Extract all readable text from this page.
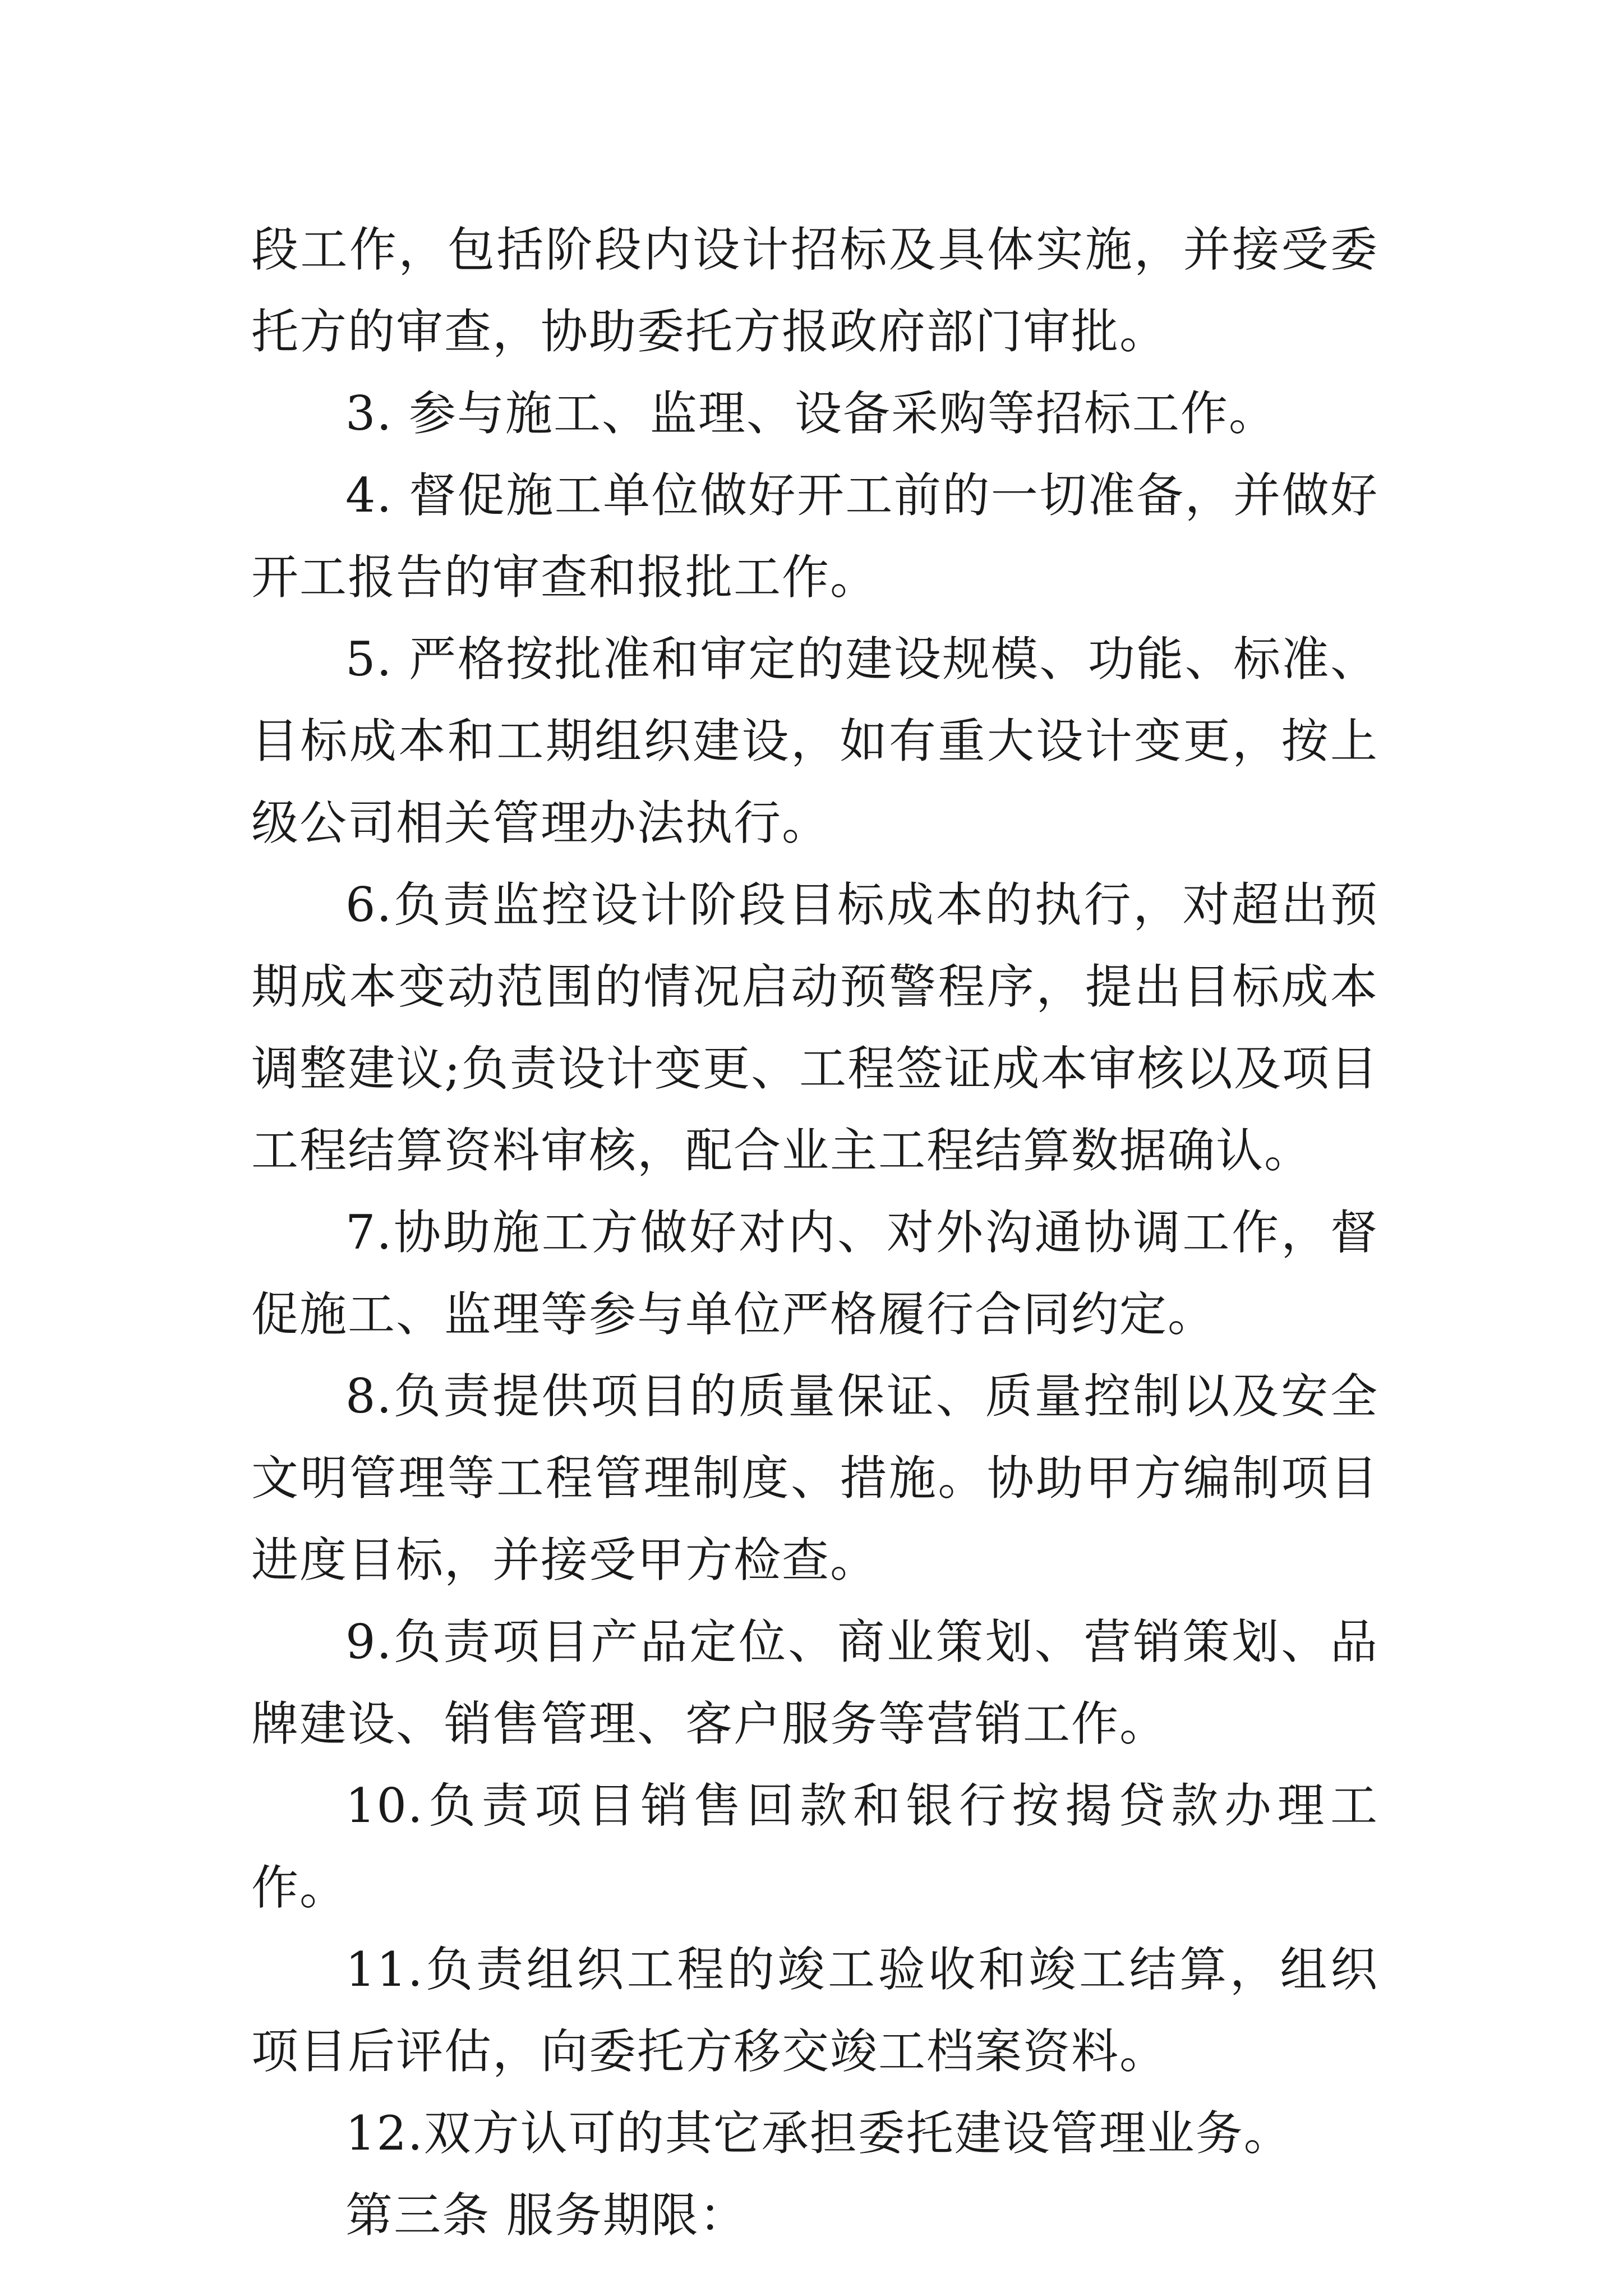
段工作，包括阶段内设计招标及具体实施，并接受委托方的审查，协助委托方报政府部门审批。

3. 参与施工、监理、设备采购等招标工作。

4. 督促施工单位做好开工前的一切准备，并做好开工报告的审查和报批工作。

5. 严格按批准和审定的建设规模、功能、标准、目标成本和工期组织建设，如有重大设计变更，按上级公司相关管理办法执行。

6.负责监控设计阶段目标成本的执行，对超出预期成本变动范围的情况启动预警程序，提出目标成本调整建议;负责设计变更、工程签证成本审核以及项目工程结算资料审核，配合业主工程结算数据确认。

7.协助施工方做好对内、对外沟通协调工作，督促施工、监理等参与单位严格履行合同约定。

8.负责提供项目的质量保证、质量控制以及安全文明管理等工程管理制度、措施。协助甲方编制项目进度目标，并接受甲方检查。

9.负责项目产品定位、商业策划、营销策划、品牌建设、销售管理、客户服务等营销工作。

10.负责项目销售回款和银行按揭贷款办理工作。

11.负责组织工程的竣工验收和竣工结算，组织项目后评估，向委托方移交竣工档案资料。

12.双方认可的其它承担委托建设管理业务。

第三条 服务期限：
